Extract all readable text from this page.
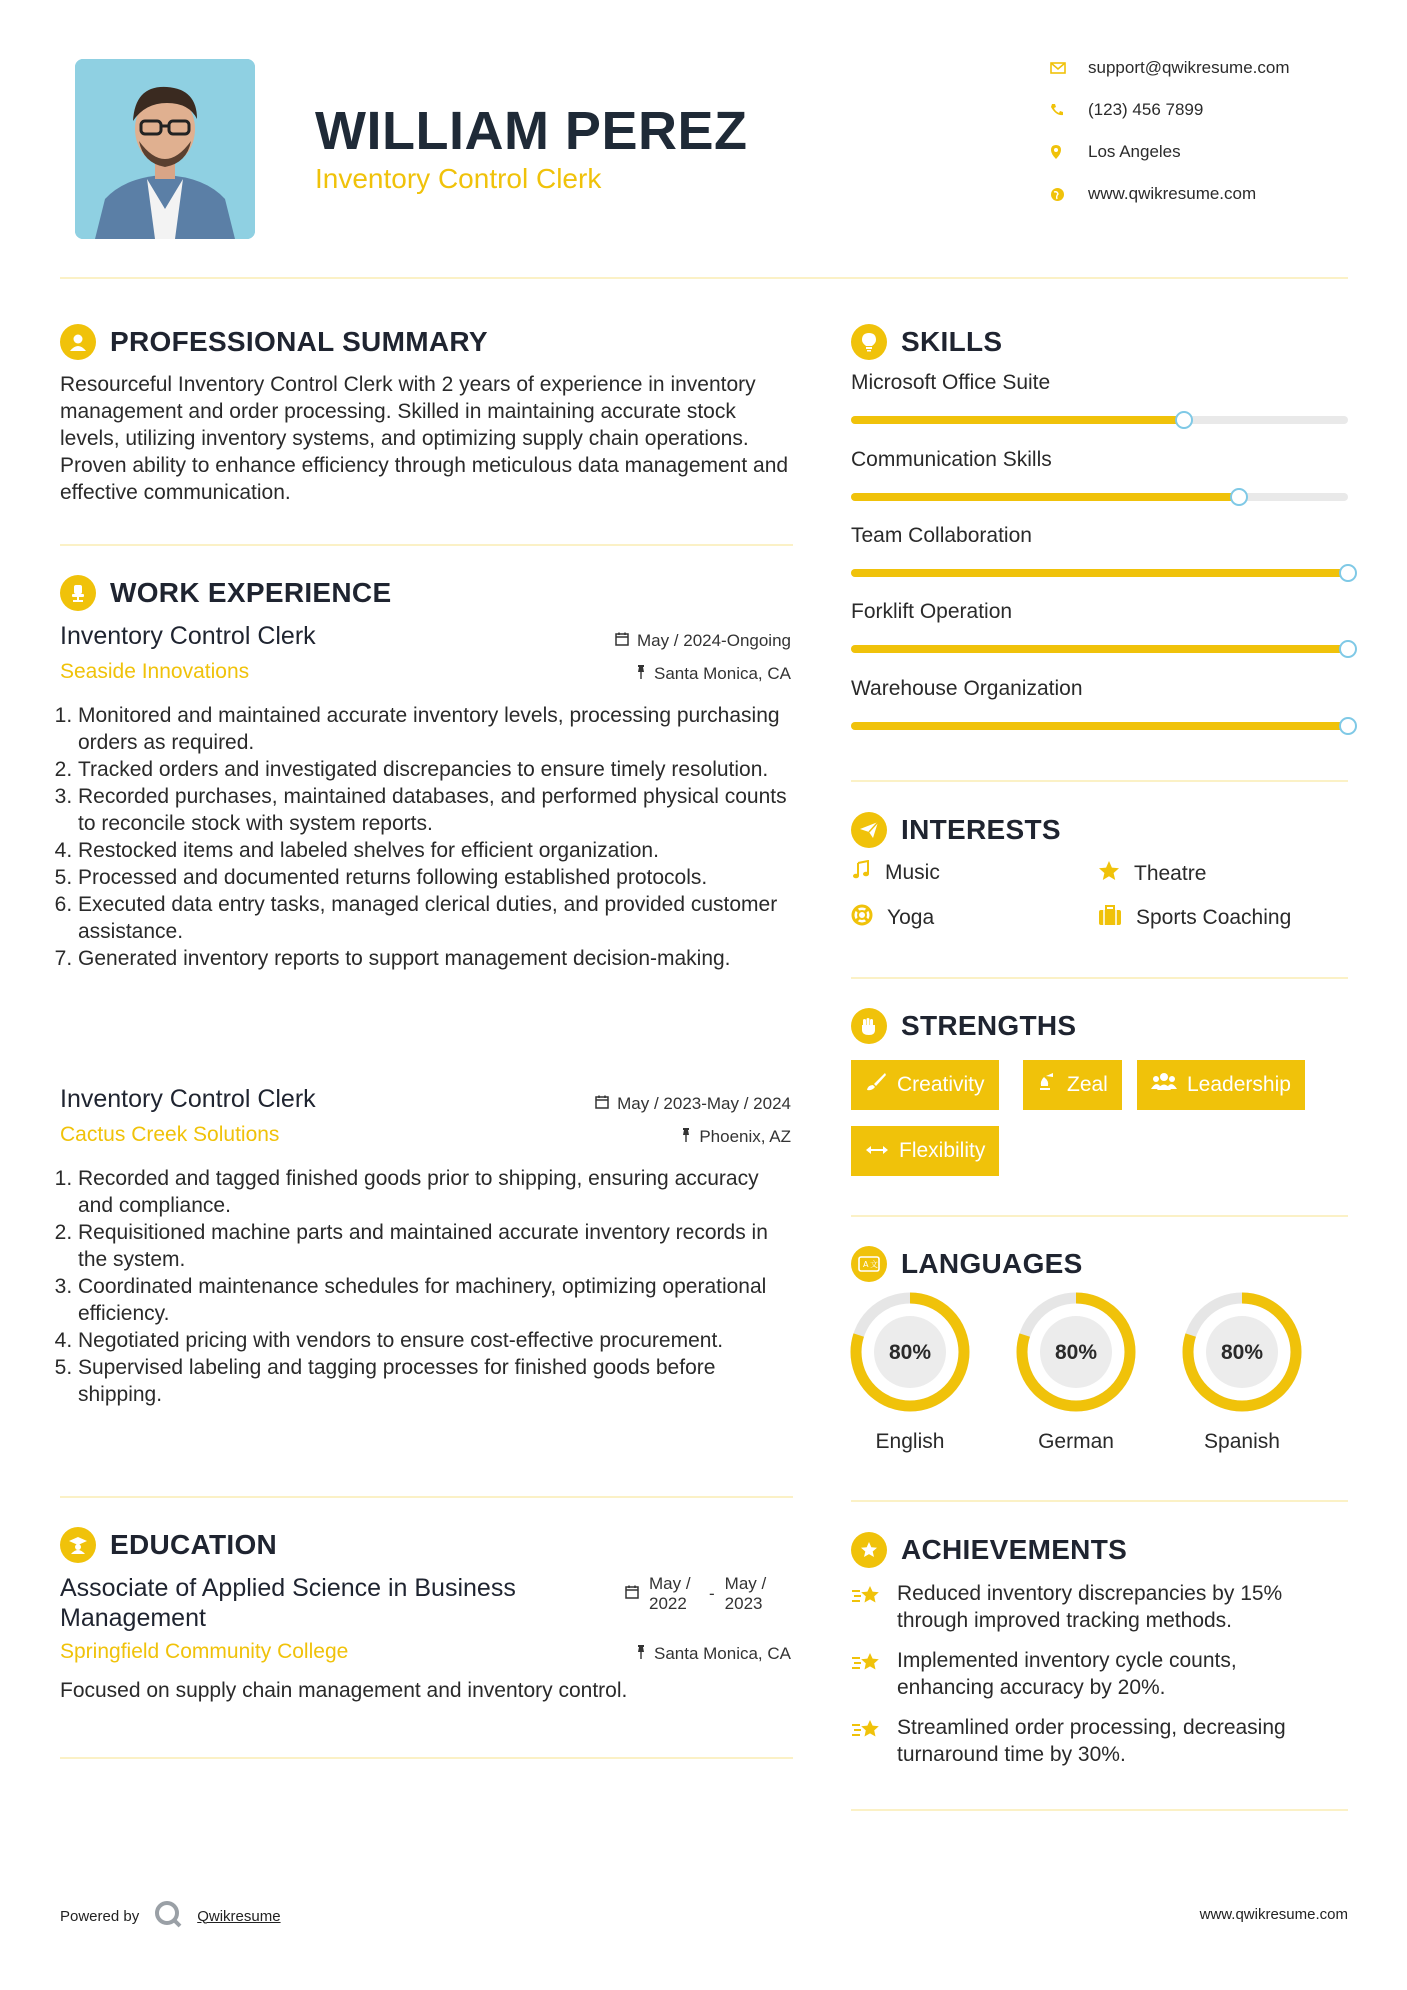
WILLIAM PEREZ
Inventory Control Clerk
support@qwikresume.com
(123) 456 7899
Los Angeles
www.qwikresume.com
PROFESSIONAL SUMMARY
Resourceful Inventory Control Clerk with 2 years of experience in inventory management and order processing. Skilled in maintaining accurate stock levels, utilizing inventory systems, and optimizing supply chain operations. Proven ability to enhance efficiency through meticulous data management and effective communication.
WORK EXPERIENCE
Inventory Control Clerk	May / 2024-Ongoing
Seaside Innovations	Santa Monica, CA
1. Monitored and maintained accurate inventory levels, processing purchasing orders as required.
2. Tracked orders and investigated discrepancies to ensure timely resolution.
3. Recorded purchases, maintained databases, and performed physical counts to reconcile stock with system reports.
4. Restocked items and labeled shelves for efficient organization.
5. Processed and documented returns following established protocols.
6. Executed data entry tasks, managed clerical duties, and provided customer assistance.
7. Generated inventory reports to support management decision-making.
Inventory Control Clerk	May / 2023-May / 2024
Cactus Creek Solutions	Phoenix, AZ
1. Recorded and tagged finished goods prior to shipping, ensuring accuracy and compliance.
2. Requisitioned machine parts and maintained accurate inventory records in the system.
3. Coordinated maintenance schedules for machinery, optimizing operational efficiency.
4. Negotiated pricing with vendors to ensure cost-effective procurement.
5. Supervised labeling and tagging processes for finished goods before shipping.
EDUCATION
Associate of Applied Science in Business Management
May / 2022
-
May / 2023
Springfield Community College	Santa Monica, CA
Focused on supply chain management and inventory control.
SKILLS
Microsoft Office Suite
Communication Skills
Team Collaboration
Forklift Operation
Warehouse Organization
INTERESTS
Music	Theatre
Yoga	Sports Coaching
STRENGTHS
Creativity	Zeal	Leadership
Flexibility
A 文 LANGUAGES
80%
English
80%
German
80%
Spanish
ACHIEVEMENTS
Reduced inventory discrepancies by 15% through improved tracking methods.
Implemented inventory cycle counts, enhancing accuracy by 20%.
Streamlined order processing, decreasing turnaround time by 30%.
Powered by	Qwikresume	www.qwikresume.com
